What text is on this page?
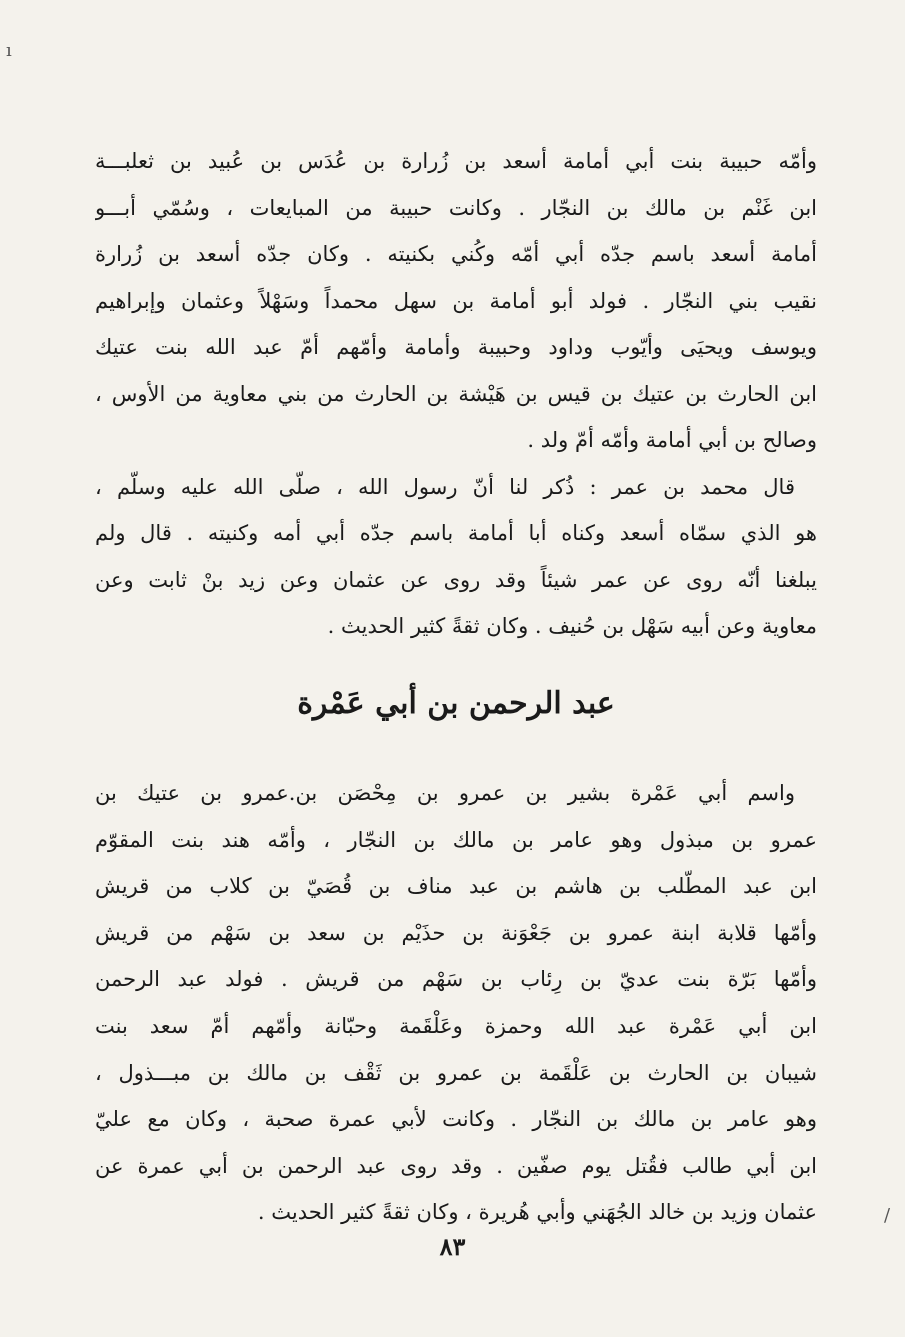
ı
وأمّه حبيبة بنت أبي أمامة أسعد بن زُرارة بن عُدَس بن عُبيد بن ثعلبـــة
ابن غَنْم بن مالك بن النجّار . وكانت حبيبة من المبايعات ، وسُمّي أبـــو
أمامة أسعد باسم جدّه أبي أمّه وكُني بكنيته . وكان جدّه أسعد بن زُرارة
نقيب بني النجّار . فولد أبو أمامة بن سهل محمداً وسَهْلاً وعثمان وإبراهيم
ويوسف ويحيَى وأيّوب وداود وحبيبة وأمامة وأمّهم أمّ عبد الله بنت عتيك
ابن الحارث بن عتيك بن قيس بن هَيْشة بن الحارث من بني معاوية من الأوس ،
وصالح بن أبي أمامة وأمّه أمّ ولد .
قال محمد بن عمر : ذُكر لنا أنّ رسول الله ، صلّى الله عليه وسلّم ،
هو الذي سمّاه أسعد وكناه أبا أمامة باسم جدّه أبي أمه وكنيته . قال ولم
يبلغنا أنّه روى عن عمر شيئاً وقد روى عن عثمان وعن زيد بنْ ثابت وعن
معاوية وعن أبيه سَهْل بن حُنيف . وكان ثقةً كثير الحديث .
عبد الرحمن بن أبي عَمْرة
واسم أبي عَمْرة بشير بن عمرو بن مِحْصَن بن.عمرو بن عتيك بن
عمرو بن مبذول وهو عامر بن مالك بن النجّار ، وأمّه هند بنت المقوّم
ابن عبد المطّلب بن هاشم بن عبد مناف بن قُصَيّ بن كلاب من قريش
وأمّها قلابة ابنة عمرو بن جَعْوَنة بن حذَيْم بن سعد بن سَهْم من قريش
وأمّها بَرّة بنت عديّ بن رِئاب بن سَهْم من قريش . فولد عبد الرحمن
ابن أبي عَمْرة عبد الله وحمزة وعَلْقَمة وحبّانة وأمّهم أمّ سعد بنت
شيبان بن الحارث بن عَلْقَمة بن عمرو بن ثَقْف بن مالك بن مبـــذول ،
وهو عامر بن مالك بن النجّار . وكانت لأبي عمرة صحبة ، وكان مع عليّ
ابن أبي طالب فقُتل يوم صفّين . وقد روى عبد الرحمن بن أبي عمرة عن
عثمان وزيد بن خالد الجُهَني وأبي هُريرة ، وكان ثقةً كثير الحديث .	/
٨٣
